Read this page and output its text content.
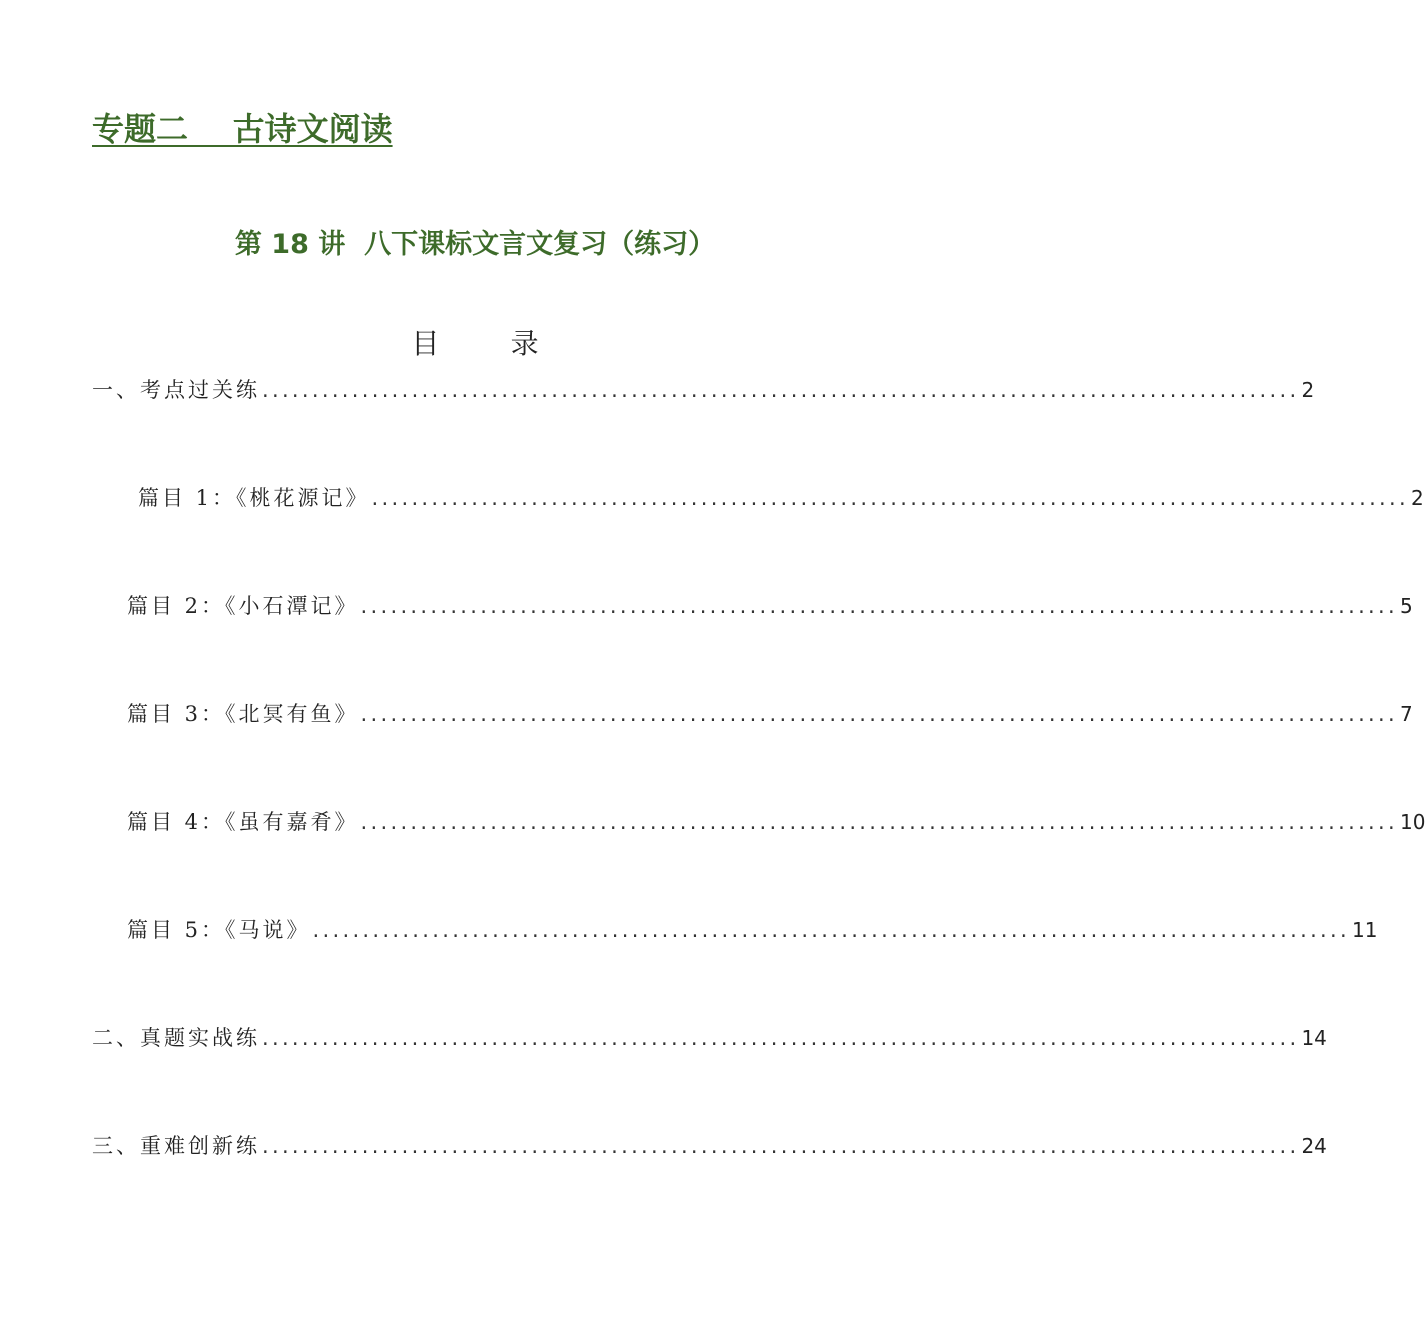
专题二    古诗文阅读
第 18 讲  八下课标文言文复习（练习）
目        录
一、考点过关练 ........................................................................................................ 2
篇目 1：《桃花源记》 ........................................................................................................ 2
篇目 2：《小石潭记》 ........................................................................................................ 5
篇目 3：《北冥有鱼》 ........................................................................................................ 7
篇目 4：《虽有嘉肴》 ........................................................................................................ 10
篇目 5：《马说》 ........................................................................................................ 11
二、真题实战练 ........................................................................................................ 14
三、重难创新练 ........................................................................................................ 24
